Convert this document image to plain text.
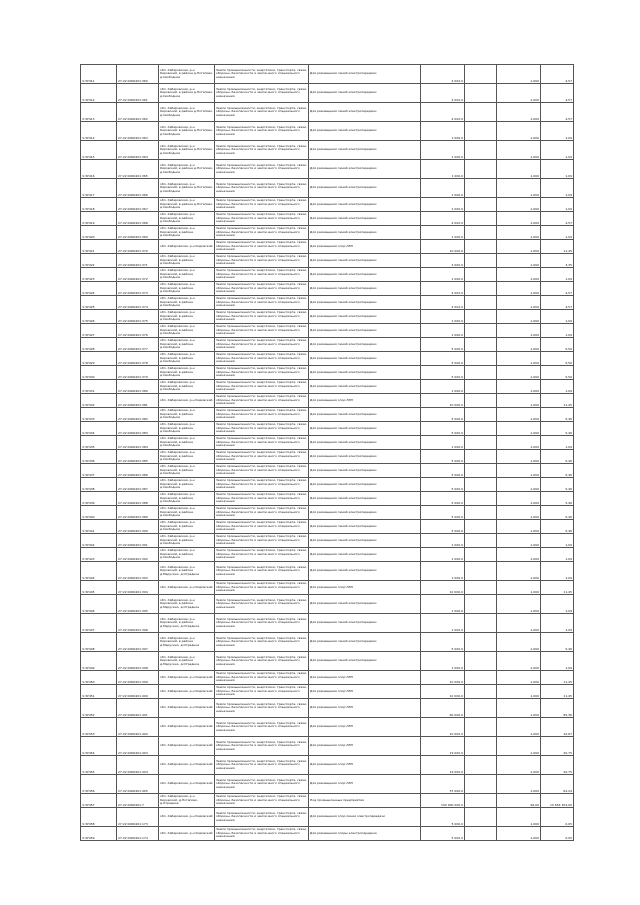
Ч:ЗУ411	27:22:0000401:360	обл. Хабаровская, р-н Кировский, в районе д.Потапово, д.Свободное	Земли промышленности, энергетики, транспорта, связи, обороны, безопасности и земли иного специального назначения	Для размещения линий электропередачи	4 002,0		1,000	4,57
Ч:ЗУ412	27:22:0000401:361	обл. Хабаровская, р-н Кировский, в районе д.Потапово, д.Свободное	Земли промышленности, энергетики, транспорта, связи, обороны, безопасности и земли иного специального назначения	Для размещения линий электропередачи	4 002,0		1,000	4,57
Ч:ЗУ413	27:22:0000401:362	обл. Хабаровская, р-н Кировский, в районе д.Потапово, д.Свободное	Земли промышленности, энергетики, транспорта, связи, обороны, безопасности и земли иного специального назначения	Для размещения линий электропередачи	4 002,0		1,000	4,57
Ч:ЗУ414	27:22:0000401:363	обл. Хабаровская, р-н Кировский, в районе д.Потапово, д.Свободное	Земли промышленности, энергетики, транспорта, связи, обороны, безопасности и земли иного специального назначения	Для размещения линий электропередачи	1 000,0		1,000	1,09
Ч:ЗУ415	27:22:0000401:364	обл. Хабаровская, р-н Кировский, в районе д.Потапово, д.Свободное	Земли промышленности, энергетики, транспорта, связи, обороны, безопасности и земли иного специального назначения	Для размещения линий электропередачи	1 000,0		1,000	1,09
Ч:ЗУ416	27:22:0000401:365	обл. Хабаровская, р-н Кировский, в районе д.Потапово, д.Свободное	Земли промышленности, энергетики, транспорта, связи, обороны, безопасности и земли иного специального назначения	Для размещения линий электропередачи	1 000,0		1,000	1,09
Ч:ЗУ417	27:22:0000401:366	обл. Хабаровская, р-н Кировский, в районе д.Потапово, д.Свободное	Земли промышленности, энергетики, транспорта, связи, обороны, безопасности и земли иного специального назначения	Для размещения линий электропередачи	1 000,0		1,000	1,09
Ч:ЗУ418	27:22:0000401:367	обл. Хабаровская, р-н Кировский, в районе д.Потапово, д.Свободное	Земли промышленности, энергетики, транспорта, связи, обороны, безопасности и земли иного специального назначения	Для размещения линий электропередачи	1 000,0		1,000	1,09
Ч:ЗУ419	27:22:0000401:368	обл. Хабаровская, р-н Кировский, в районе д.Свободное	Земли промышленности, энергетики, транспорта, связи, обороны, безопасности и земли иного специального назначения	Для размещения линий электропередачи	4 002,0		1,000	4,57
Ч:ЗУ420	27:22:0000401:369	обл. Хабаровская, р-н Кировский, в районе д.Свободное	Земли промышленности, энергетики, транспорта, связи, обороны, безопасности и земли иного специального назначения	Для размещения линий электропередачи	1 000,0		1,000	1,09
Ч:ЗУ421	27:22:0000401:370	обл. Хабаровская, р-н Кировский	Земли промышленности, энергетики, транспорта, связи, обороны, безопасности и земли иного специального назначения	Для размещения опор ЛЭП	10 000,0		1,000	11,45
Ч:ЗУ422	27:22:0000401:371	обл. Хабаровская, р-н Кировский, в районе д.Свободное	Земли промышленности, энергетики, транспорта, связи, обороны, безопасности и земли иного специального назначения	Для размещения линий электропередачи	3 000,0		1,000	3,35
Ч:ЗУ423	27:22:0000401:372	обл. Хабаровская, р-н Кировский, в районе д.Свободное	Земли промышленности, энергетики, транспорта, связи, обороны, безопасности и земли иного специального назначения	Для размещения линий электропередачи	1 000,0		1,000	1,09
Ч:ЗУ424	27:22:0000401:373	обл. Хабаровская, р-н Кировский, в районе д.Свободное	Земли промышленности, энергетики, транспорта, связи, обороны, безопасности и земли иного специального назначения	Для размещения линий электропередачи	4 002,0		1,000	4,57
Ч:ЗУ425	27:22:0000401:374	обл. Хабаровская, р-н Кировский, в районе д.Свободное	Земли промышленности, энергетики, транспорта, связи, обороны, безопасности и земли иного специального назначения	Для размещения линий электропередачи	4 002,0		1,000	4,57
Ч:ЗУ426	27:22:0000401:375	обл. Хабаровская, р-н Кировский, в районе д.Свободное	Земли промышленности, энергетики, транспорта, связи, обороны, безопасности и земли иного специального назначения	Для размещения линий электропередачи	1 000,0		1,000	1,09
Ч:ЗУ427	27:22:0000401:376	обл. Хабаровская, р-н Кировский, в районе д.Свободное	Земли промышленности, энергетики, транспорта, связи, обороны, безопасности и земли иного специального назначения	Для размещения линий электропередачи	1 000,0		1,000	1,09
Ч:ЗУ428	27:22:0000401:377	обл. Хабаровская, р-н Кировский, в районе д.Свободное	Земли промышленности, энергетики, транспорта, связи, обороны, безопасности и земли иного специального назначения	Для размещения линий электропередачи	5 000,0		1,000	5,50
Ч:ЗУ429	27:22:0000401:378	обл. Хабаровская, р-н Кировский, в районе д.Свободное	Земли промышленности, энергетики, транспорта, связи, обороны, безопасности и земли иного специального назначения	Для размещения линий электропередачи	5 000,0		1,000	5,50
Ч:ЗУ430	27:22:0000401:379	обл. Хабаровская, р-н Кировский, в районе д.Свободное	Земли промышленности, энергетики, транспорта, связи, обороны, безопасности и земли иного специального назначения	Для размещения линий электропередачи	5 000,0		1,000	5,50
Ч:ЗУ431	27:22:0000401:380	обл. Хабаровская, р-н Кировский, в районе д.Свободное	Земли промышленности, энергетики, транспорта, связи, обороны, безопасности и земли иного специального назначения	Для размещения линий электропередачи	1 000,0		1,000	1,09
Ч:ЗУ432	27:22:0000401:381	обл. Хабаровская, р-н Кировский	Земли промышленности, энергетики, транспорта, связи, обороны, безопасности и земли иного специального назначения	Для размещения опор ЛЭП	10 000,0		1,000	11,45
Ч:ЗУ433	27:22:0000401:382	обл. Хабаровская, р-н Кировский, в районе д.Свободное	Земли промышленности, энергетики, транспорта, связи, обороны, безопасности и земли иного специального назначения	Для размещения линий электропередачи	5 000,0		1,000	5,46
Ч:ЗУ434	27:22:0000401:383	обл. Хабаровская, р-н Кировский, в районе д.Свободное	Земли промышленности, энергетики, транспорта, связи, обороны, безопасности и земли иного специального назначения	Для размещения линий электропередачи	5 000,0		1,000	5,46
Ч:ЗУ435	27:22:0000401:384	обл. Хабаровская, р-н Кировский, в районе д.Свободное	Земли промышленности, энергетики, транспорта, связи, обороны, безопасности и земли иного специального назначения	Для размещения линий электропередачи	1 000,0		1,000	1,09
Ч:ЗУ436	27:22:0000401:385	обл. Хабаровская, р-н Кировский, в районе д.Свободное	Земли промышленности, энергетики, транспорта, связи, обороны, безопасности и земли иного специального назначения	Для размещения линий электропередачи	5 000,0		1,000	5,46
Ч:ЗУ437	27:22:0000401:386	обл. Хабаровская, р-н Кировский, в районе д.Свободное	Земли промышленности, энергетики, транспорта, связи, обороны, безопасности и земли иного специального назначения	Для размещения линий электропередачи	5 000,0		1,000	5,46
Ч:ЗУ438	27:22:0000401:387	обл. Хабаровская, р-н Кировский, в районе д.Свободное	Земли промышленности, энергетики, транспорта, связи, обороны, безопасности и земли иного специального назначения	Для размещения линий электропередачи	5 000,0		1,000	5,46
Ч:ЗУ439	27:22:0000401:388	обл. Хабаровская, р-н Кировский, в районе д.Свободное	Земли промышленности, энергетики, транспорта, связи, обороны, безопасности и земли иного специального назначения	Для размещения линий электропередачи	5 000,0		1,000	5,46
Ч:ЗУ440	27:22:0000401:389	обл. Хабаровская, р-н Кировский, в районе д.Свободное	Земли промышленности, энергетики, транспорта, связи, обороны, безопасности и земли иного специального назначения	Для размещения линий электропередачи	5 000,0		1,000	5,46
Ч:ЗУ441	27:22:0000401:390	обл. Хабаровская, р-н Кировский, в районе д.Свободное	Земли промышленности, энергетики, транспорта, связи, обороны, безопасности и земли иного специального назначения	Для размещения линий электропередачи	5 000,0		1,000	5,46
Ч:ЗУ442	27:22:0000401:391	обл. Хабаровская, р-н Кировский, в районе д.Свободное	Земли промышленности, энергетики, транспорта, связи, обороны, безопасности и земли иного специального назначения	Для размещения линий электропередачи	1 000,0		1,000	1,09
Ч:ЗУ443	27:22:0000401:392	обл. Хабаровская, р-н Кировский, в районе д.Свободное	Земли промышленности, энергетики, транспорта, связи, обороны, безопасности и земли иного специального назначения	Для размещения линий электропередачи	1 000,0		1,000	1,09
Ч:ЗУ444	27:22:0000401:393	обл. Хабаровская, р-н Кировский, в районе д.Марусино, д.Отрадное	Земли промышленности, энергетики, транспорта, связи, обороны, безопасности и земли иного специального назначения	Для размещения линий электропередачи	1 000,0		1,000	1,09
Ч:ЗУ445	27:22:0000401:394	обл. Хабаровская, р-н Кировский	Земли промышленности, энергетики, транспорта, связи, обороны, безопасности и земли иного специального назначения	Для размещения опор ЛЭП	10 000,0		1,000	11,45
Ч:ЗУ446	27:22:0000401:395	обл. Хабаровская, р-н Кировский, в районе д.Марусино, д.Отрадное	Земли промышленности, энергетики, транспорта, связи, обороны, безопасности и земли иного специального назначения	Для размещения линий электропередачи	1 000,0		1,000	1,09
Ч:ЗУ447	27:22:0000401:396	обл. Хабаровская, р-н Кировский, в районе д.Марусино, д.Отрадное	Земли промышленности, энергетики, транспорта, связи, обороны, безопасности и земли иного специального назначения	Для размещения линий электропередачи	1 000,0		1,000	1,09
Ч:ЗУ448	27:22:0000401:397	обл. Хабаровская, р-н Кировский, в районе д.Марусино, д.Отрадное	Земли промышленности, энергетики, транспорта, связи, обороны, безопасности и земли иного специального назначения	Для размещения линий электропередачи	5 000,0		1,000	5,46
Ч:ЗУ449	27:22:0000401:398	обл. Хабаровская, р-н Кировский, в районе д.Марусино, д.Отрадное	Земли промышленности, энергетики, транспорта, связи, обороны, безопасности и земли иного специального назначения	Для размещения линий электропередачи	1 000,0		1,000	1,09
Ч:ЗУ450	27:22:0000401:399	обл. Хабаровская, р-н Кировский	Земли промышленности, энергетики, транспорта, связи, обороны, безопасности и земли иного специального назначения	Для размещения опор ЛЭП	10 000,0		1,000	11,45
Ч:ЗУ451	27:22:0000401:400	обл. Хабаровская, р-н Кировский	Земли промышленности, энергетики, транспорта, связи, обороны, безопасности и земли иного специального назначения	Для размещения опор ЛЭП	10 000,0		1,000	11,45
Ч:ЗУ452	27:22:0000401:401	обл. Хабаровская, р-н Кировский	Земли промышленности, энергетики, транспорта, связи, обороны, безопасности и земли иного специального назначения	Для размещения опор ЛЭП	60 000,0		1,000	65,36
Ч:ЗУ453	27:22:0000401:402	обл. Хабаровская, р-н Кировский	Земли промышленности, энергетики, транспорта, связи, обороны, безопасности и земли иного специального назначения	Для размещения опор ЛЭП	10 000,0		1,000	10,67
Ч:ЗУ454	27:22:0000401:403	обл. Хабаровская, р-н Кировский	Земли промышленности, энергетики, транспорта, связи, обороны, безопасности и земли иного специального назначения	Для размещения опор ЛЭП	19 000,0		1,000	20,75
Ч:ЗУ455	27:22:0000401:404	обл. Хабаровская, р-н Кировский	Земли промышленности, энергетики, транспорта, связи, обороны, безопасности и земли иного специального назначения	Для размещения опор ЛЭП	19 000,0		1,000	20,75
Ч:ЗУ456	27:22:0000401:405	обл. Хабаровская, р-н Кировский	Земли промышленности, энергетики, транспорта, связи, обороны, безопасности и земли иного специального назначения	Для размещения опор ЛЭП	57 000,0		1,000	62,24
Ч:ЗУ457	27:22:0000401:7	обл. Хабаровская, р-н Кировский, д.Потапово, д.Отрадное	Земли промышленности, энергетики, транспорта, связи, обороны, безопасности и земли иного специального назначения	Под промышленные предприятия	100 000 000,0		96,00	10 654 304,00
Ч:ЗУ458	27:22:0000401:173	обл. Хабаровская, р-н Кировский	Земли промышленности, энергетики, транспорта, связи, обороны, безопасности и земли иного специального назначения	Для размещения опор линии электропередачи	5 000,0		1,000	0,05
Ч:ЗУ459	27:22:0000401:174	обл. Хабаровская, р-н Кировский	Земли промышленности, энергетики, транспорта, связи, обороны, безопасности и земли иного специального назначения	Для размещения опоры электропередачи	5 000,0		1,000	0,05
